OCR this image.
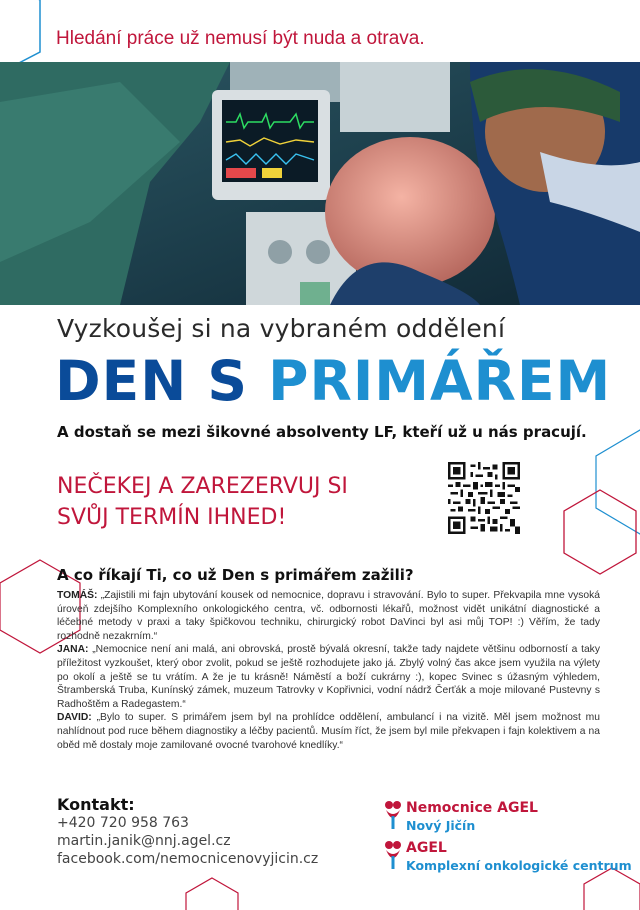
Hledání práce už nemusí být nuda a otrava.
Vyzkoušej si na vybraném oddělení
DEN S PRIMÁŘEM
A dostaň se mezi šikovné absolventy LF, kteří už u nás pracují.
NEČEKEJ A ZAREZERVUJ SI
SVŮJ TERMÍN IHNED!
A co říkají Ti, co už Den s primářem zažili?

TOMÁŠ: „Zajistili mi fajn ubytování kousek od nemocnice, dopravu i stravování. Bylo to super. Překvapila mne vysoká úroveň zdejšího Komplexního onkologického centra, vč. odbornosti lékařů, možnost vidět unikátní diagnostické a léčebné metody v praxi a taky špičkovou techniku, chirurgický robot DaVinci byl asi můj TOP! :) Věřím, že tady rozhodně nezakrním.“

JANA: „Nemocnice není ani malá, ani obrovská, prostě bývalá okresní, takže tady najdete většinu odborností a taky příležitost vyzkoušet, který obor zvolit, pokud se ještě rozhodujete jako já. Zbylý volný čas akce jsem využila na výlety po okolí a ještě se tu vrátím. A že je tu krásně! Náměstí a boží cukrárny :), kopec Svinec s úžasným výhledem, Štramberská Truba, Kunínský zámek, muzeum Tatrovky v Kopřivnici, vodní nádrž Čerťák a moje milované Pustevny s Radhoštěm a Radegastem.“

DAVID: „Bylo to super. S primářem jsem byl na prohlídce oddělení, ambulancí i na vizitě. Měl jsem možnost mu nahlídnout pod ruce během diagnostiky a léčby pacientů. Musím říct, že jsem byl mile překvapen i fajn kolektivem a na oběd mě dostaly moje zamilované ovocné tvarohové knedlíky.“

Kontakt:
+420 720 958 763
martin.janik@nnj.agel.cz
facebook.com/nemocnicenovyjicin.cz
Nemocnice AGEL
Nový Jičín
AGEL
Komplexní onkologické centrum
